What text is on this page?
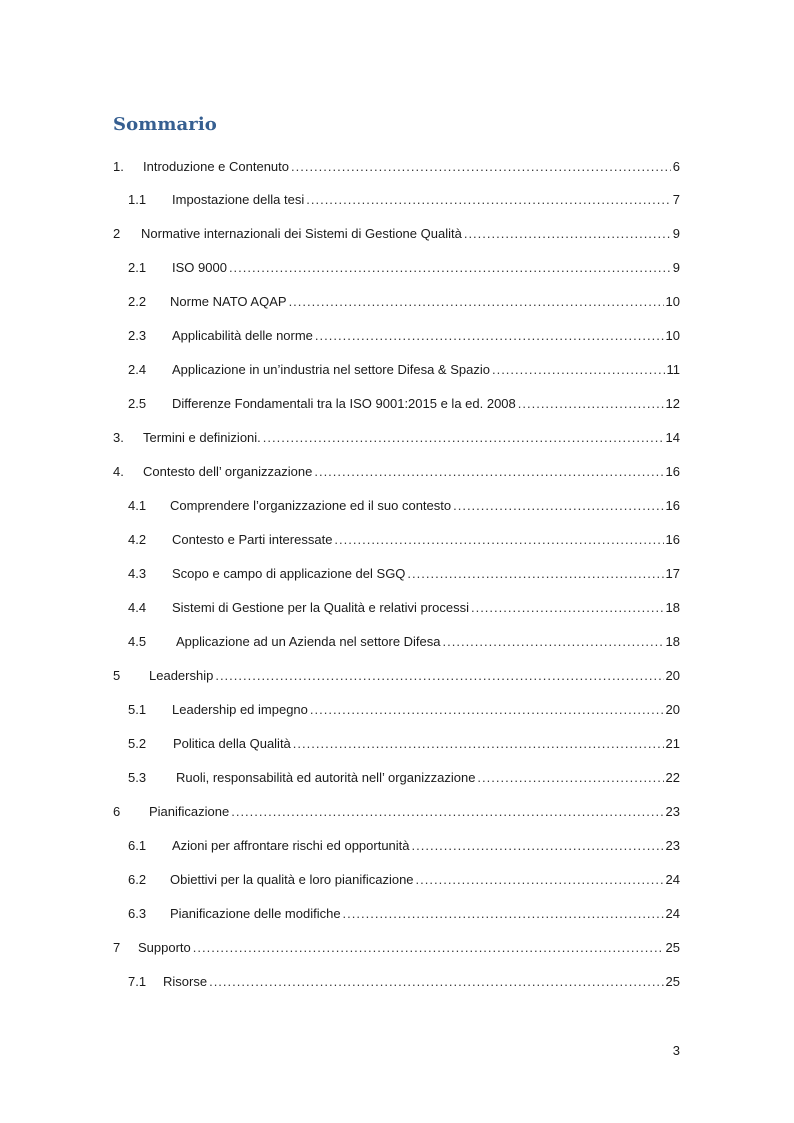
Sommario
1.	Introduzione e Contenuto .....	6
1.1	Impostazione della tesi .....	7
2	Normative internazionali dei Sistemi di Gestione Qualità .....	9
2.1	ISO 9000 .....	9
2.2	Norme NATO AQAP .....	10
2.3	Applicabilità delle norme .....	10
2.4	Applicazione in un’industria nel settore Difesa & Spazio .....	11
2.5	Differenze Fondamentali tra la ISO 9001:2015 e la ed. 2008 .....	12
3.	Termini e definizioni. .....	14
4.	Contesto dell’ organizzazione .....	16
4.1	Comprendere l’organizzazione ed il suo contesto .....	16
4.2	Contesto e Parti interessate .....	16
4.3	Scopo e campo di applicazione del SGQ .....	17
4.4	Sistemi di Gestione per la Qualità e relativi processi .....	18
4.5	Applicazione ad un Azienda nel settore Difesa .....	18
5	Leadership .....	20
5.1	Leadership ed impegno .....	20
5.2	Politica della Qualità .....	21
5.3	Ruoli, responsabilità ed autorità nell’ organizzazione .....	22
6	Pianificazione .....	23
6.1	Azioni per affrontare rischi ed opportunità .....	23
6.2	Obiettivi per la qualità e loro pianificazione .....	24
6.3	Pianificazione delle modifiche .....	24
7	Supporto .....	25
7.1	Risorse .....	25
3
